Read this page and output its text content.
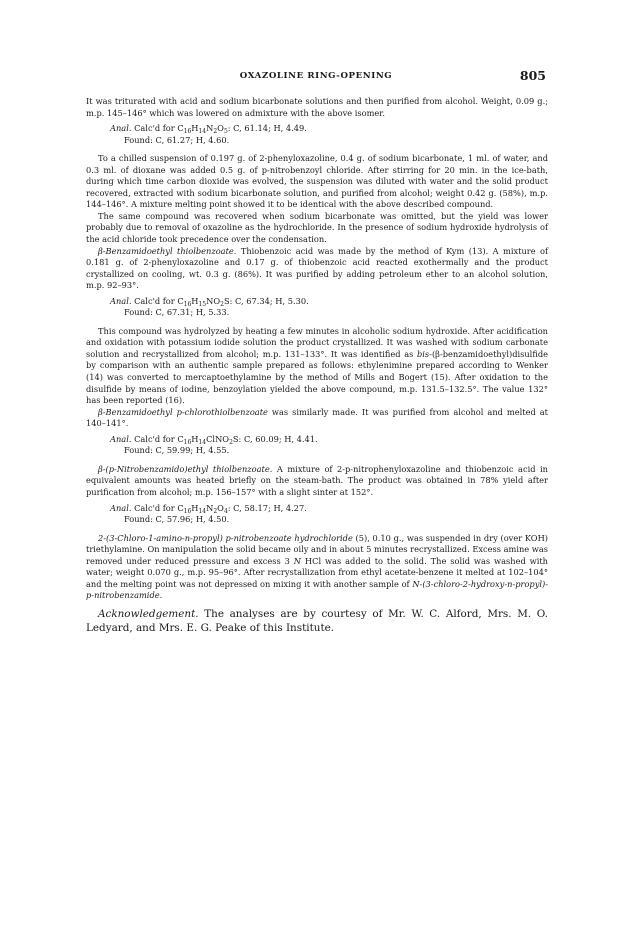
OXAZOLINE RING-OPENING	805

It was triturated with acid and sodium bicarbonate solutions and then purified from alcohol. Weight, 0.09 g.; m.p. 145–146° which was lowered on admixture with the above isomer.

Anal. Calc'd for $C_{16}H_{14}N_2O_5$: C, 61.14; H, 4.49.
Found: C, 61.27; H, 4.60.

To a chilled suspension of 0.197 g. of 2-phenyloxazoline, 0.4 g. of sodium bicarbonate, 1 ml. of water, and 0.3 ml. of dioxane was added 0.5 g. of p-nitrobenzoyl chloride. After stirring for 20 min. in the ice-bath, during which time carbon dioxide was evolved, the suspension was diluted with water and the solid product recovered, extracted with sodium bicarbonate solution, and purified from alcohol; weight 0.42 g. (58%), m.p. 144–146°. A mixture melting point showed it to be identical with the above described compound.

The same compound was recovered when sodium bicarbonate was omitted, but the yield was lower probably due to removal of oxazoline as the hydrochloride. In the presence of sodium hydroxide hydrolysis of the acid chloride took precedence over the condensation.

β-Benzamidoethyl thiolbenzoate. Thiobenzoic acid was made by the method of Kym (13). A mixture of 0.181 g. of 2-phenyloxazoline and 0.17 g. of thiobenzoic acid reacted exothermally and the product crystallized on cooling, wt. 0.3 g. (86%). It was purified by adding petroleum ether to an alcohol solution, m.p. 92–93°.

Anal. Calc'd for $C_{16}H_{15}NO_2S$: C, 67.34; H, 5.30.
Found: C, 67.31; H, 5.33.

This compound was hydrolyzed by heating a few minutes in alcoholic sodium hydroxide. After acidification and oxidation with potassium iodide solution the product crystallized. It was washed with sodium carbonate solution and recrystallized from alcohol; m.p. 131–133°. It was identified as bis-(β-benzamidoethyl)disulfide by comparison with an authentic sample prepared as follows: ethylenimine prepared according to Wenker (14) was converted to mercaptoethylamine by the method of Mills and Bogert (15). After oxidation to the disulfide by means of iodine, benzoylation yielded the above compound, m.p. 131.5–132.5°. The value 132° has been reported (16).

β-Benzamidoethyl p-chlorothiolbenzoate was similarly made. It was purified from alcohol and melted at 140–141°.

Anal. Calc'd for $C_{16}H_{14}ClNO_2S$: C, 60.09; H, 4.41.
Found: C, 59.99; H, 4.55.

β-(p-Nitrobenzamido)ethyl thiolbenzoate. A mixture of 2-p-nitrophenyloxazoline and thiobenzoic acid in equivalent amounts was heated briefly on the steam-bath. The product was obtained in 78% yield after purification from alcohol; m.p. 156–157° with a slight sinter at 152°.

Anal. Calc'd for $C_{16}H_{14}N_2O_4$: C, 58.17; H, 4.27.
Found: C, 57.96; H, 4.50.

2-(3-Chloro-1-amino-n-propyl) p-nitrobenzoate hydrochloride (5), 0.10 g., was suspended in dry (over KOH) triethylamine. On manipulation the solid became oily and in about 5 minutes recrystallized. Excess amine was removed under reduced pressure and excess 3 N HCl was added to the solid. The solid was washed with water; weight 0.070 g., m.p. 95–96°. After recrystallization from ethyl acetate-benzene it melted at 102–104° and the melting point was not depressed on mixing it with another sample of N-(3-chloro-2-hydroxy-n-propyl)-p-nitrobenzamide.

Acknowledgement. The analyses are by courtesy of Mr. W. C. Alford, Mrs. M. O. Ledyard, and Mrs. E. G. Peake of this Institute.
